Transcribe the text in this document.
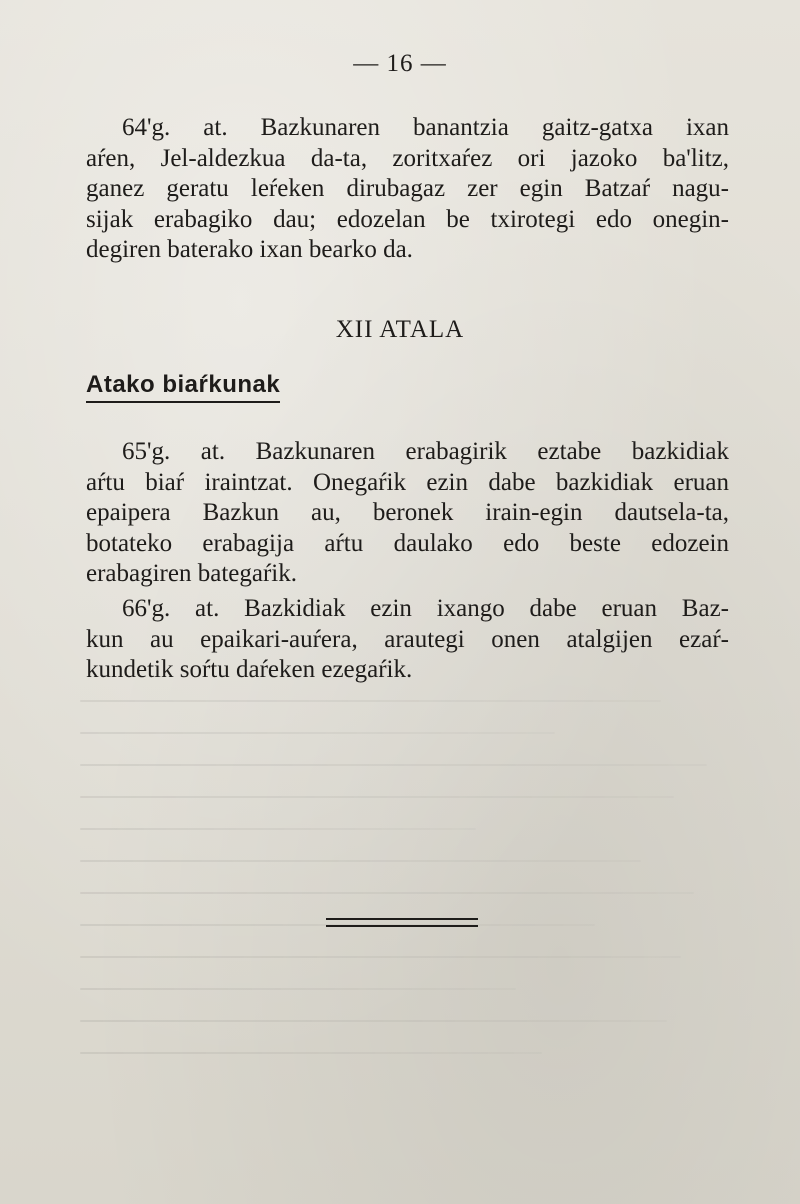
— 16 —

64'g. at. Bazkunaren banantzia gaitz-gatxa ixan

aŕen, Jel-aldezkua da-ta, zoritxaŕez ori jazoko ba'litz,

ganez geratu leŕeken dirubagaz zer egin Batzaŕ nagu-

sijak erabagiko dau; edozelan be txirotegi edo onegin-

degiren baterako ixan bearko da.

XII ATALA
Atako biaŕkunak

65'g. at. Bazkunaren erabagirik eztabe bazkidiak

aŕtu biaŕ iraintzat. Onegaŕik ezin dabe bazkidiak eruan

epaipera Bazkun au, beronek irain-egin dautsela-ta,

botateko erabagija aŕtu daulako edo beste edozein

erabagiren bategaŕik.

66'g. at. Bazkidiak ezin ixango dabe eruan Baz-

kun au epaikari-auŕera, arautegi onen atalgijen ezaŕ-

kundetik soŕtu daŕeken ezegaŕik.
